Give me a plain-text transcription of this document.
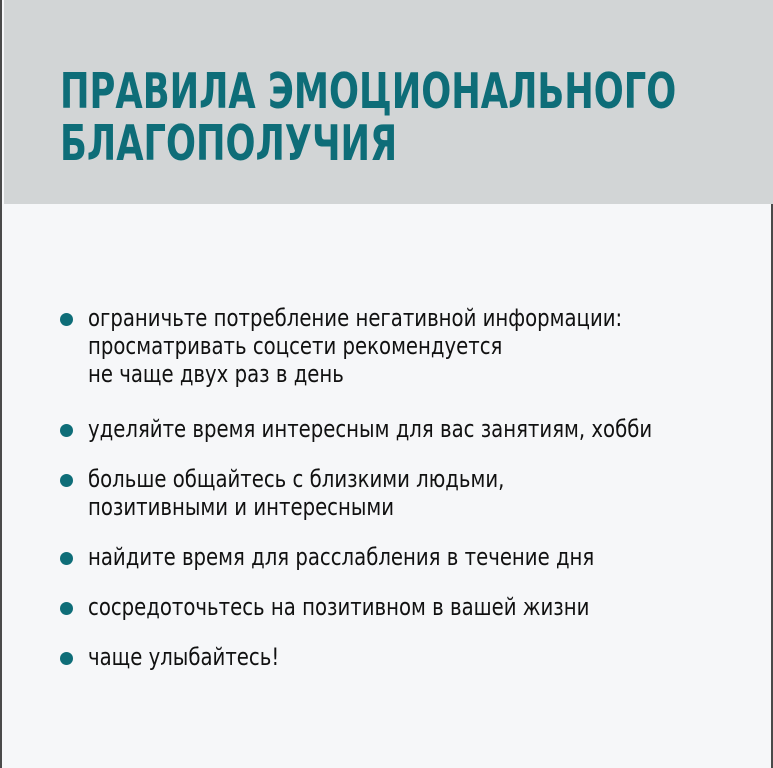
ПРАВИЛА ЭМОЦИОНАЛЬНОГО
БЛАГОПОЛУЧИЯ
ограничьте потребление негативной информации:
просматривать соцсети рекомендуется
не чаще двух раз в день
уделяйте время интересным для вас занятиям, хобби
больше общайтесь с близкими людьми,
позитивными и интересными
найдите время для расслабления в течение дня
сосредоточьтесь на позитивном в вашей жизни
чаще улыбайтесь!
